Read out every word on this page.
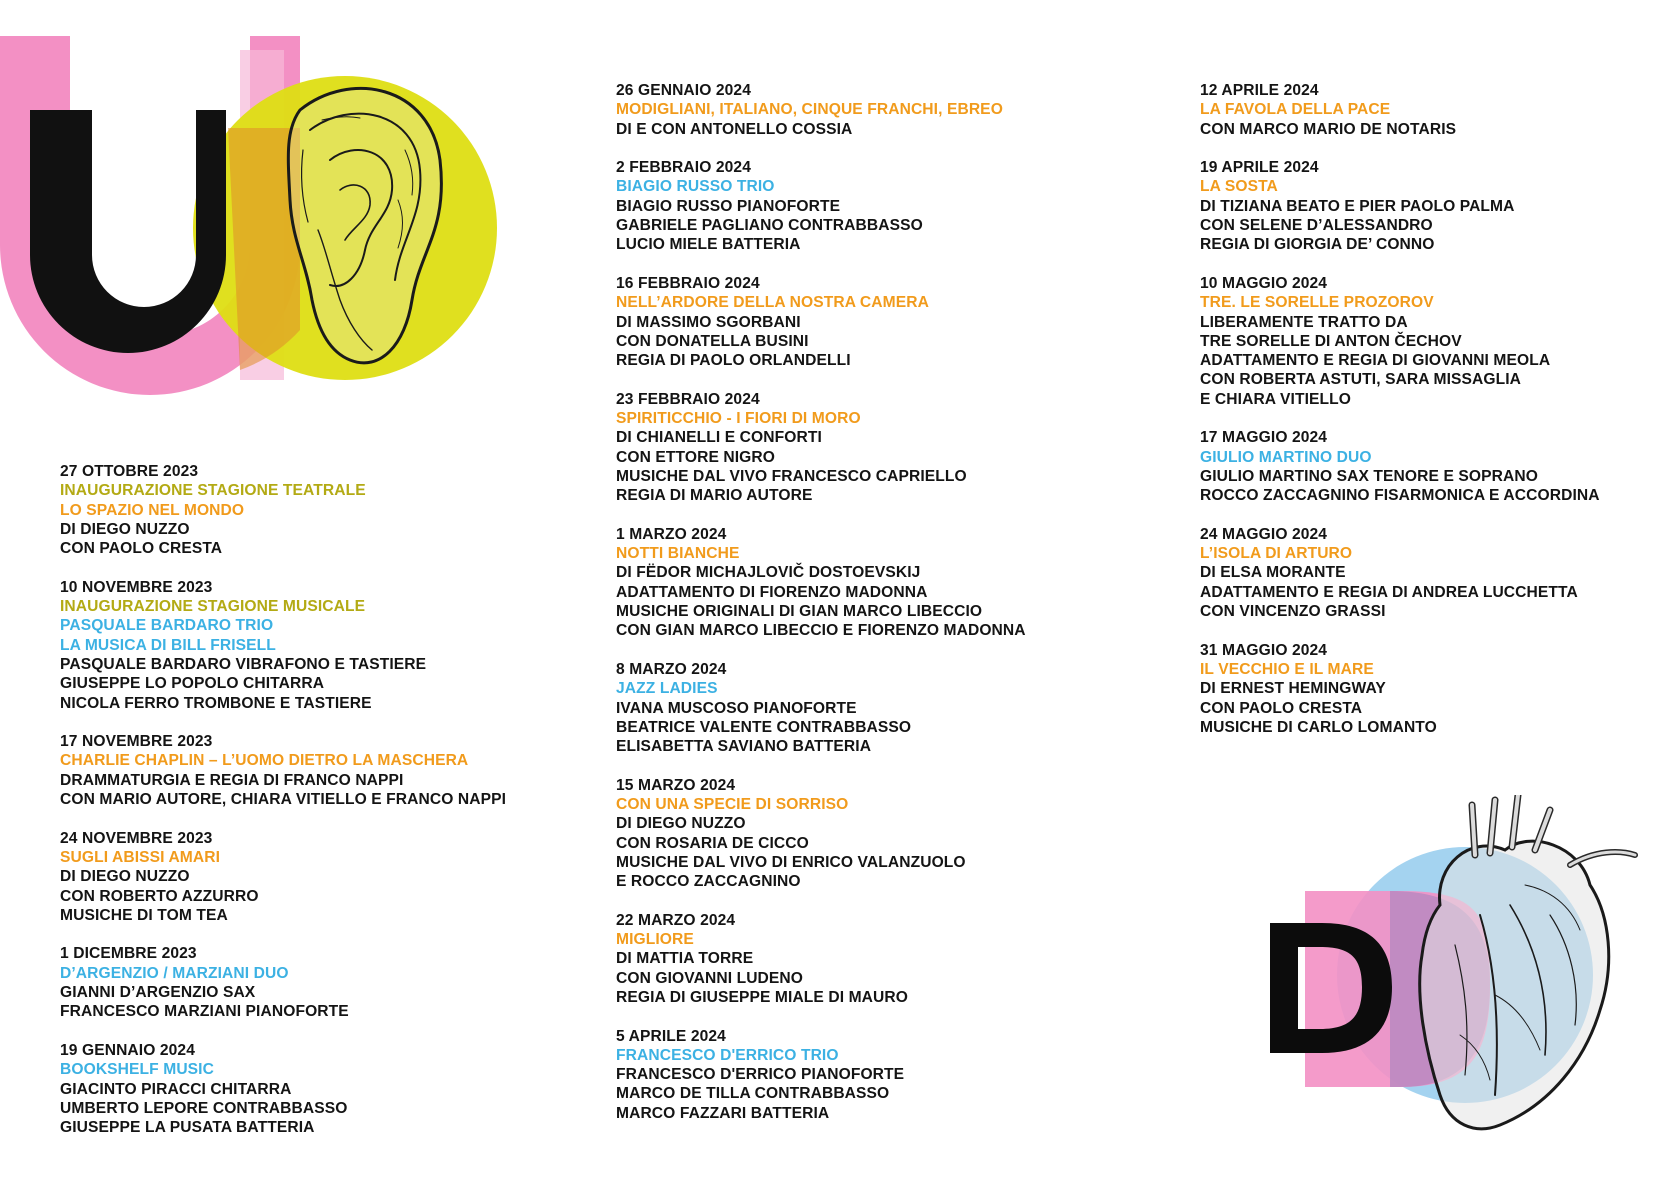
27 OTTOBRE 2023
INAUGURAZIONE STAGIONE TEATRALE
LO SPAZIO NEL MONDO
DI DIEGO NUZZO
CON PAOLO CRESTA
10 NOVEMBRE 2023
INAUGURAZIONE STAGIONE MUSICALE
PASQUALE BARDARO TRIO
LA MUSICA DI BILL FRISELL
PASQUALE BARDARO VIBRAFONO E TASTIERE
GIUSEPPE LO POPOLO CHITARRA
NICOLA FERRO TROMBONE E TASTIERE
17 NOVEMBRE 2023
CHARLIE CHAPLIN – L’UOMO DIETRO LA MASCHERA
DRAMMATURGIA E REGIA DI FRANCO NAPPI
CON MARIO AUTORE, CHIARA VITIELLO E FRANCO NAPPI
24 NOVEMBRE 2023
SUGLI ABISSI AMARI
DI DIEGO NUZZO
CON ROBERTO AZZURRO
MUSICHE DI TOM TEA
1 DICEMBRE 2023
D’ARGENZIO / MARZIANI DUO
GIANNI D’ARGENZIO SAX
FRANCESCO MARZIANI PIANOFORTE
19 GENNAIO 2024
BOOKSHELF MUSIC
GIACINTO PIRACCI CHITARRA
UMBERTO LEPORE CONTRABBASSO
GIUSEPPE LA PUSATA BATTERIA
26 GENNAIO 2024
MODIGLIANI, ITALIANO, CINQUE FRANCHI, EBREO
DI E CON ANTONELLO COSSIA
2 FEBBRAIO 2024
BIAGIO RUSSO TRIO
BIAGIO RUSSO PIANOFORTE
GABRIELE PAGLIANO CONTRABBASSO
LUCIO MIELE BATTERIA
16 FEBBRAIO 2024
NELL’ARDORE DELLA NOSTRA CAMERA
DI MASSIMO SGORBANI
CON DONATELLA BUSINI
REGIA DI PAOLO ORLANDELLI
23 FEBBRAIO 2024
SPIRITICCHIO - I FIORI DI MORO
DI CHIANELLI E CONFORTI
CON ETTORE NIGRO
MUSICHE DAL VIVO FRANCESCO CAPRIELLO
REGIA DI MARIO AUTORE
1 MARZO 2024
NOTTI BIANCHE
DI FËDOR MICHAJLOVIČ DOSTOEVSKIJ
ADATTAMENTO DI FIORENZO MADONNA
MUSICHE ORIGINALI DI GIAN MARCO LIBECCIO
CON GIAN MARCO LIBECCIO E FIORENZO MADONNA
8 MARZO 2024
JAZZ LADIES
IVANA MUSCOSO PIANOFORTE
BEATRICE VALENTE CONTRABBASSO
ELISABETTA SAVIANO BATTERIA
15 MARZO 2024
CON UNA SPECIE DI SORRISO
DI DIEGO NUZZO
CON ROSARIA DE CICCO
MUSICHE DAL VIVO DI ENRICO VALANZUOLO
E ROCCO ZACCAGNINO
22 MARZO 2024
MIGLIORE
DI MATTIA TORRE
CON GIOVANNI LUDENO
REGIA DI GIUSEPPE MIALE DI MAURO
5 APRILE 2024
FRANCESCO D'ERRICO TRIO
FRANCESCO D'ERRICO PIANOFORTE
MARCO DE TILLA CONTRABBASSO
MARCO FAZZARI BATTERIA
12 APRILE 2024
LA FAVOLA DELLA PACE
CON MARCO MARIO DE NOTARIS
19 APRILE 2024
LA SOSTA
DI TIZIANA BEATO E PIER PAOLO PALMA
CON SELENE D’ALESSANDRO
REGIA DI GIORGIA DE’ CONNO
10 MAGGIO 2024
TRE. LE SORELLE PROZOROV
LIBERAMENTE TRATTO DA
TRE SORELLE DI ANTON ČECHOV
ADATTAMENTO E REGIA DI GIOVANNI MEOLA
CON ROBERTA ASTUTI, SARA MISSAGLIA
E CHIARA VITIELLO
17 MAGGIO 2024
GIULIO MARTINO DUO
GIULIO MARTINO SAX TENORE E SOPRANO
ROCCO ZACCAGNINO FISARMONICA E ACCORDINA
24 MAGGIO 2024
L’ISOLA DI ARTURO
DI ELSA MORANTE
ADATTAMENTO E REGIA DI ANDREA LUCCHETTA
CON VINCENZO GRASSI
31 MAGGIO 2024
IL VECCHIO E IL MARE
DI ERNEST HEMINGWAY
CON PAOLO CRESTA
MUSICHE DI CARLO LOMANTO
